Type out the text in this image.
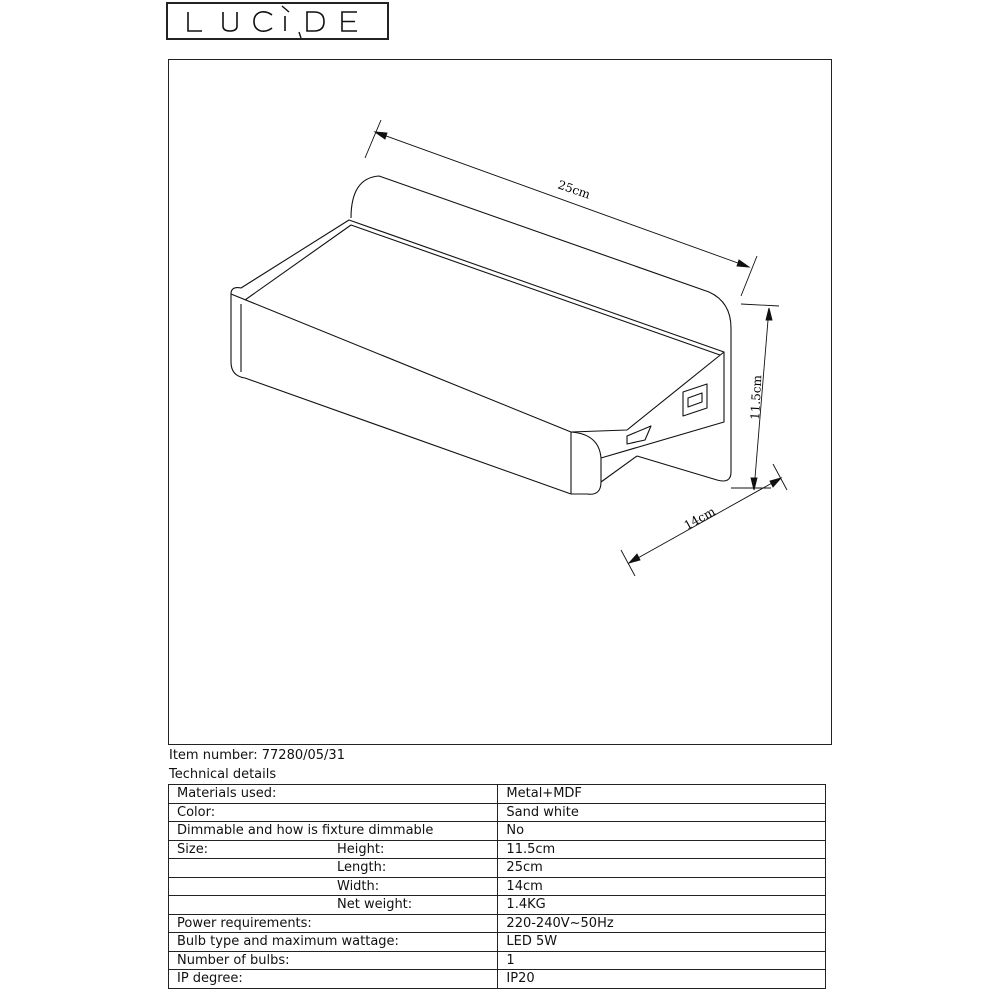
25cm
11.5cm
14cm
Item number: 77280/05/31
Technical details
Materials used:	Metal+MDF

Color:	Sand white

Dimmable and how is fixture dimmable	No

Size: Height:	11.5cm

Length:	25cm

Width:	14cm

Net weight:	1.4KG

Power requirements:	220-240V~50Hz

Bulb type and maximum wattage:	LED 5W

Number of bulbs:	1

IP degree:	IP20
